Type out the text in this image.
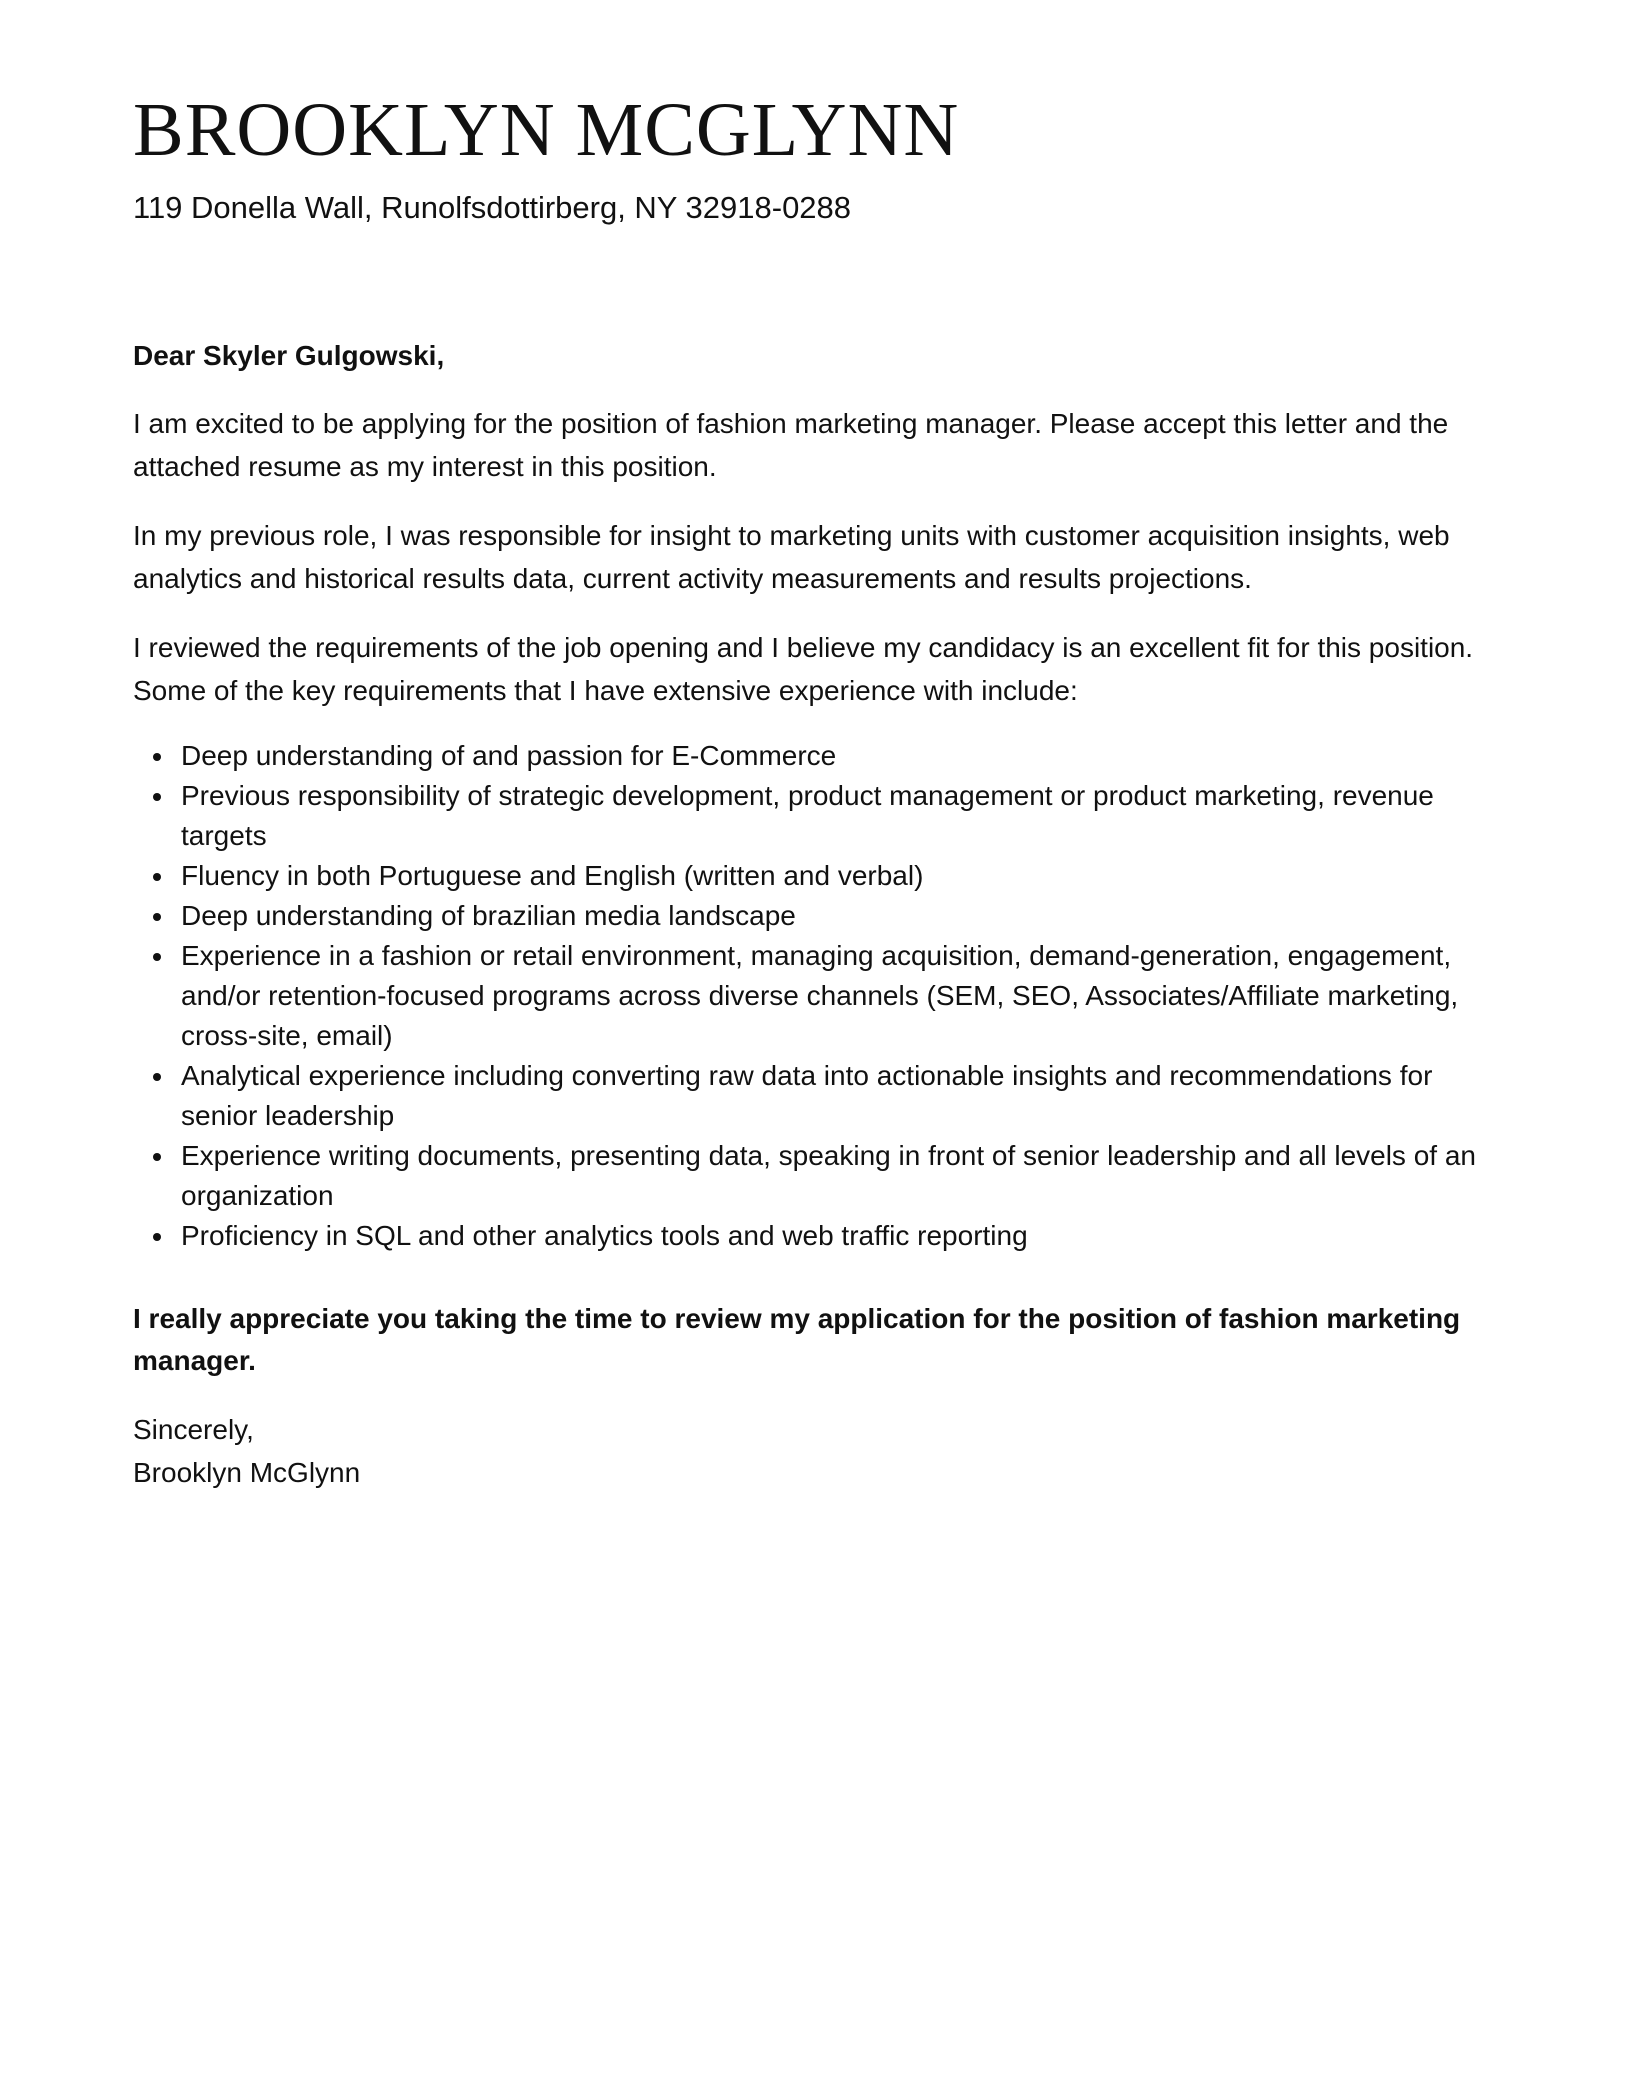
BROOKLYN MCGLYNN

119 Donella Wall, Runolfsdottirberg, NY 32918-0288

Dear Skyler Gulgowski,

I am excited to be applying for the position of fashion marketing manager. Please accept this letter and the attached resume as my interest in this position.

In my previous role, I was responsible for insight to marketing units with customer acquisition insights, web analytics and historical results data, current activity measurements and results projections.

I reviewed the requirements of the job opening and I believe my candidacy is an excellent fit for this position. Some of the key requirements that I have extensive experience with include:

Deep understanding of and passion for E-Commerce
Previous responsibility of strategic development, product management or product marketing, revenue targets
Fluency in both Portuguese and English (written and verbal)
Deep understanding of brazilian media landscape
Experience in a fashion or retail environment, managing acquisition, demand-generation, engagement, and/or retention-focused programs across diverse channels (SEM, SEO, Associates/Affiliate marketing, cross-site, email)
Analytical experience including converting raw data into actionable insights and recommendations for senior leadership
Experience writing documents, presenting data, speaking in front of senior leadership and all levels of an organization
Proficiency in SQL and other analytics tools and web traffic reporting

I really appreciate you taking the time to review my application for the position of fashion marketing manager.

Sincerely,
Brooklyn McGlynn
